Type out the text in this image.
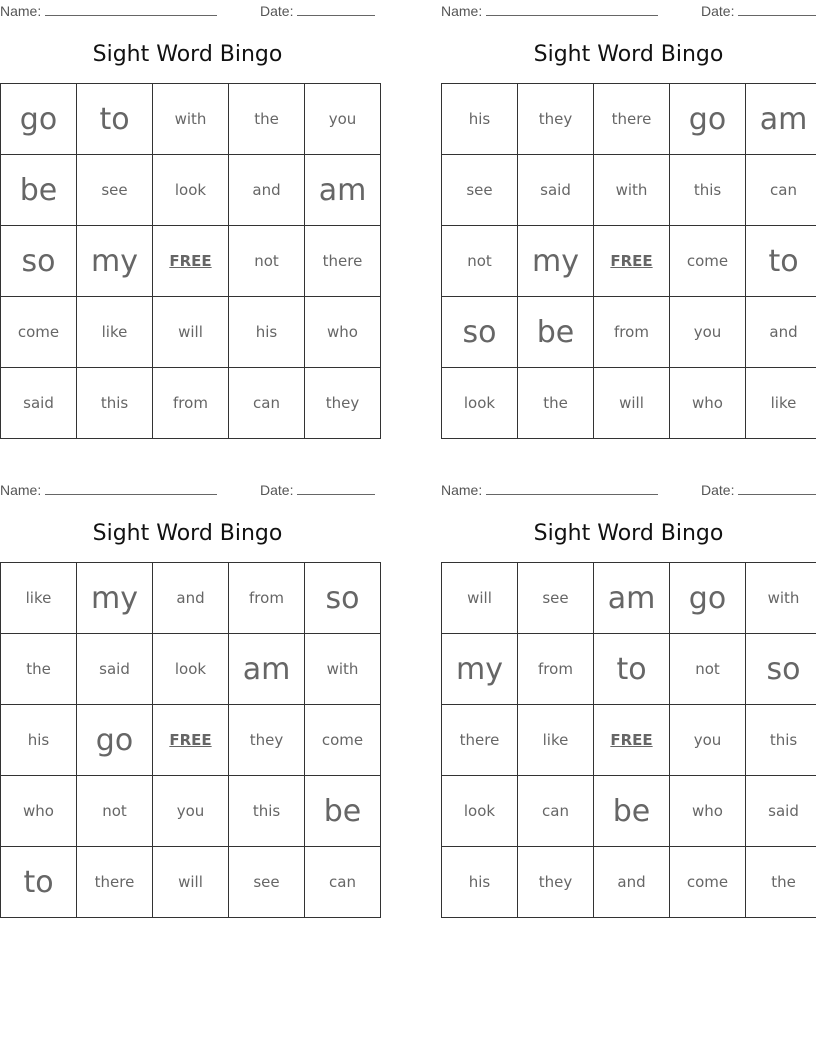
Name:	Date:
Sight Word Bingo
go	to	with	the	you
be	see	look	and	am
so	my	FREE	not	there
come	like	will	his	who
said	this	from	can	they
Name:	Date:
Sight Word Bingo
his	they	there	go	am
see	said	with	this	can
not	my	FREE	come	to
so	be	from	you	and
look	the	will	who	like
Name:	Date:
Sight Word Bingo
like	my	and	from	so
the	said	look	am	with
his	go	FREE	they	come
who	not	you	this	be
to	there	will	see	can
Name:	Date:
Sight Word Bingo
will	see	am	go	with
my	from	to	not	so
there	like	FREE	you	this
look	can	be	who	said
his	they	and	come	the
